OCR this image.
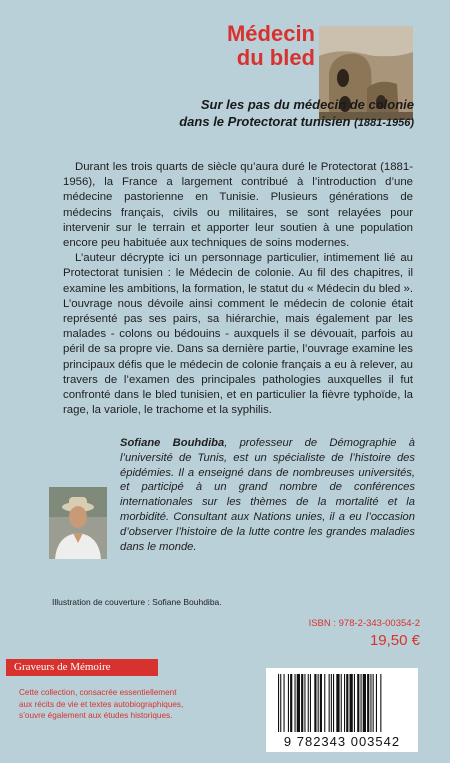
Médecin
du bled
Sur les pas du médecin de colonie
dans le Protectorat tunisien (1881-1956)

Durant les trois quarts de siècle qu’aura duré le Protectorat (1881-1956), la France a largement contribué à l’introduction d’une médecine pastorienne en Tunisie. Plusieurs générations de médecins français, civils ou militaires, se sont relayées pour intervenir sur le terrain et apporter leur soutien à une population encore peu habituée aux techniques de soins modernes.

L’auteur décrypte ici un personnage particulier, intimement lié au Protectorat tunisien : le Médecin de colonie. Au fil des chapitres, il examine les ambitions, la formation, le statut du « Médecin du bled ». L’ouvrage nous dévoile ainsi comment le médecin de colonie était représenté pas ses pairs, sa hiérarchie, mais également par les malades - colons ou bédouins - auxquels il se dévouait, parfois au péril de sa propre vie. Dans sa dernière partie, l’ouvrage examine les principaux défis que le médecin de colonie français a eu à relever, au travers de l’examen des principales pathologies auxquelles il fut confronté dans le bled tunisien, et en particulier la fièvre typhoïde, la rage, la variole, le trachome et la syphilis.

Sofiane Bouhdiba, professeur de Démographie à l’université de Tunis, est un spécialiste de l’histoire des épidémies. Il a enseigné dans de nombreuses universités, et participé à un grand nombre de conférences internationales sur les thèmes de la mortalité et la morbidité. Consultant aux Nations unies, il a eu l’occasion d’observer l’histoire de la lutte contre les grandes maladies dans le monde.
Illustration de couverture : Sofiane Bouhdiba.
ISBN : 978-2-343-00354-2
19,50 €
Graveurs de Mémoire
Cette collection, consacrée essentiellement aux récits de vie et textes autobiographiques, s’ouvre également aux études historiques.
9 782343 003542
